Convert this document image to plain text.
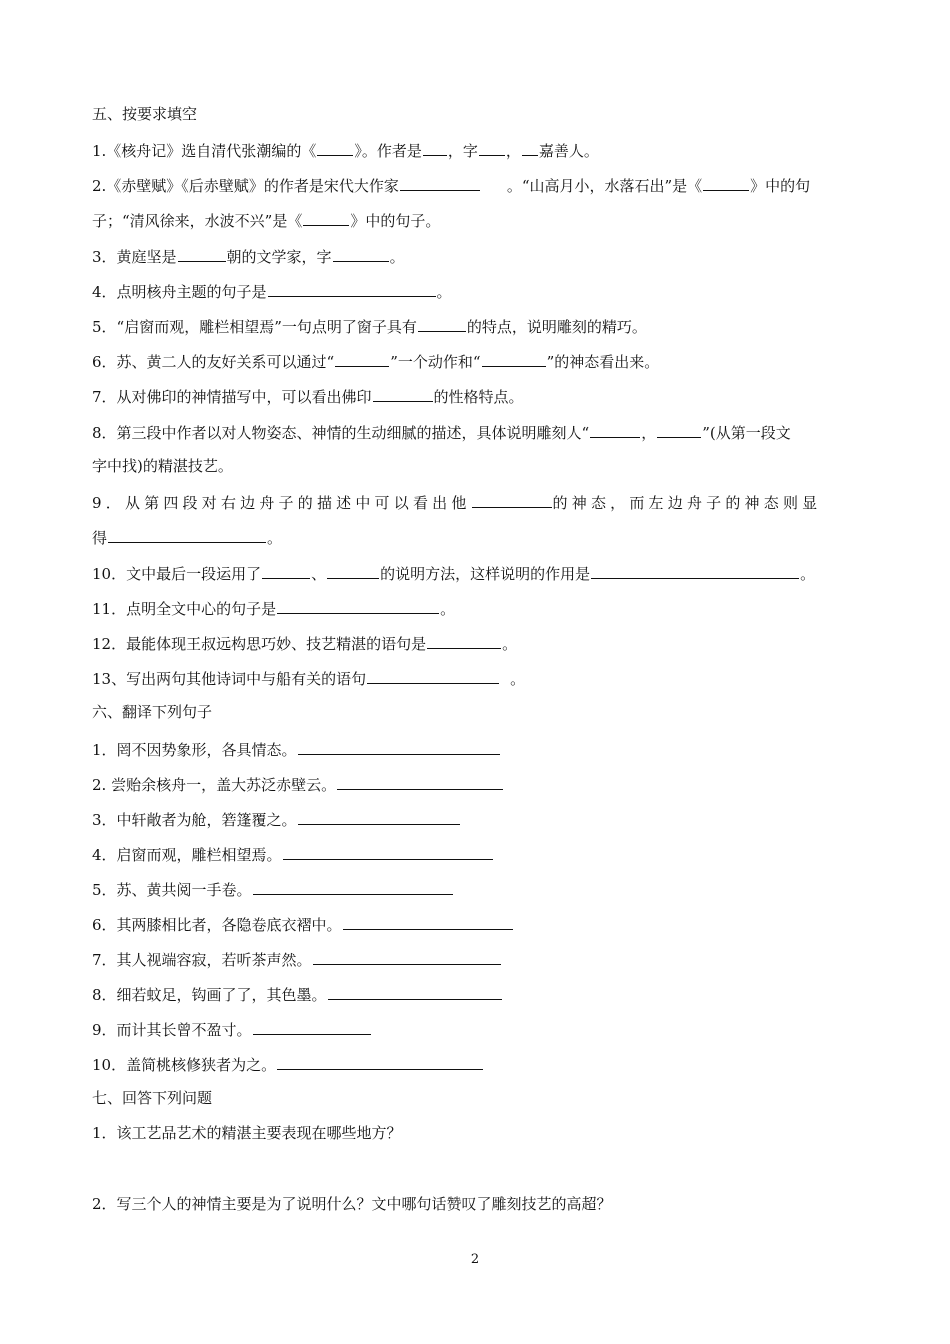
五、按要求填空
1.《核舟记》选自清代张潮编的《	》。作者是 ，字 ， 嘉善人。
2.《赤壁赋》《后赤壁赋》的作者是宋代大作家	。“山高月小，水落石出”是《	》中的句
子；“清风徐来，水波不兴”是《	》中的句子。
3．黄庭坚是	朝的文学家，字	。
4．点明核舟主题的句子是	。
5．“启窗而观，雕栏相望焉”一句点明了窗子具有	的特点，说明雕刻的精巧。
6．苏、黄二人的友好关系可以通过“	”一个动作和“	”的神态看出来。
7．从对佛印的神情描写中，可以看出佛印	的性格特点。
8．第三段中作者以对人物姿态、神情的生动细腻的描述，具体说明雕刻人“	，	”(从第一段文
字中找)的精湛技艺。
9．从第四段对右边舟子的描述中可以看出他	的神态，而左边舟子的神态则显
得	。
10．文中最后一段运用了	、	的说明方法，这样说明的作用是	。
11．点明全文中心的句子是	。
12．最能体现王叔远构思巧妙、技艺精湛的语句是	。
13、写出两句其他诗词中与船有关的语句	。
六、翻译下列句子
1．罔不因势象形，各具情态。
2. 尝贻余核舟一，盖大苏泛赤壁云。
3．中轩敞者为舱，箬篷覆之。
4．启窗而观，雕栏相望焉。
5．苏、黄共阅一手卷。
6．其两膝相比者，各隐卷底衣褶中。
7．其人视端容寂，若听茶声然。
8．细若蚊足，钩画了了，其色墨。
9．而计其长曾不盈寸。
10．盖简桃核修狭者为之。
七、回答下列问题
1．该工艺品艺术的精湛主要表现在哪些地方？
2．写三个人的神情主要是为了说明什么？文中哪句话赞叹了雕刻技艺的高超？
2
